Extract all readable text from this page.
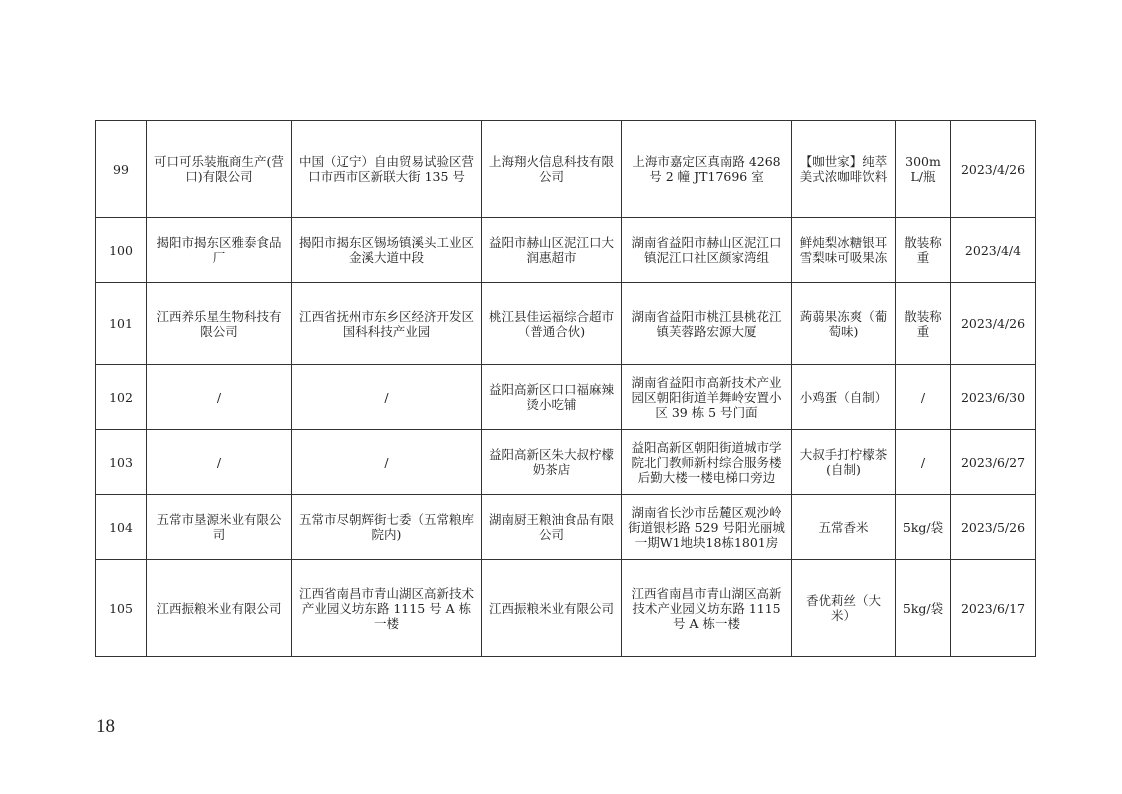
99	可口可乐装瓶商生产(营口)有限公司	中国（辽宁）自由贸易试验区营口市西市区新联大街 135 号	上海翔火信息科技有限公司	上海市嘉定区真南路 4268 号 2 幢 JT17696 室	【咖世家】纯萃美式浓咖啡饮料	300mL/瓶	2023/4/26
100	揭阳市揭东区雅泰食品厂	揭阳市揭东区锡场镇溪头工业区金溪大道中段	益阳市赫山区泥江口大润惠超市	湖南省益阳市赫山区泥江口镇泥江口社区颜家湾组	鲜炖梨冰糖银耳雪梨味可吸果冻	散装称重	2023/4/4
101	江西养乐星生物科技有限公司	江西省抚州市东乡区经济开发区国科科技产业园	桃江县佳运福综合超市（普通合伙)	湖南省益阳市桃江县桃花江镇芙蓉路宏源大厦	蒟蒻果冻爽（葡萄味)	散装称重	2023/4/26
102	/	/	益阳高新区口口福麻辣烫小吃铺	湖南省益阳市高新技术产业园区朝阳街道羊舞岭安置小区 39 栋 5 号门面	小鸡蛋（自制）	/	2023/6/30
103	/	/	益阳高新区朱大叔柠檬奶茶店	益阳高新区朝阳街道城市学院北门教师新村综合服务楼后勤大楼一楼电梯口旁边	大叔手打柠檬茶(自制)	/	2023/6/27
104	五常市垦源米业有限公司	五常市尽朝辉街七委（五常粮库院内)	湖南厨王粮油食品有限公司	湖南省长沙市岳麓区观沙岭街道银杉路 529 号阳光丽城一期W1地块18栋1801房	五常香米	5kg/袋	2023/5/26
105	江西振粮米业有限公司	江西省南昌市青山湖区高新技术产业园义坊东路 1115 号 A 栋一楼	江西振粮米业有限公司	江西省南昌市青山湖区高新技术产业园义坊东路 1115 号 A 栋一楼	香优莉丝（大米）	5kg/袋	2023/6/17
18
